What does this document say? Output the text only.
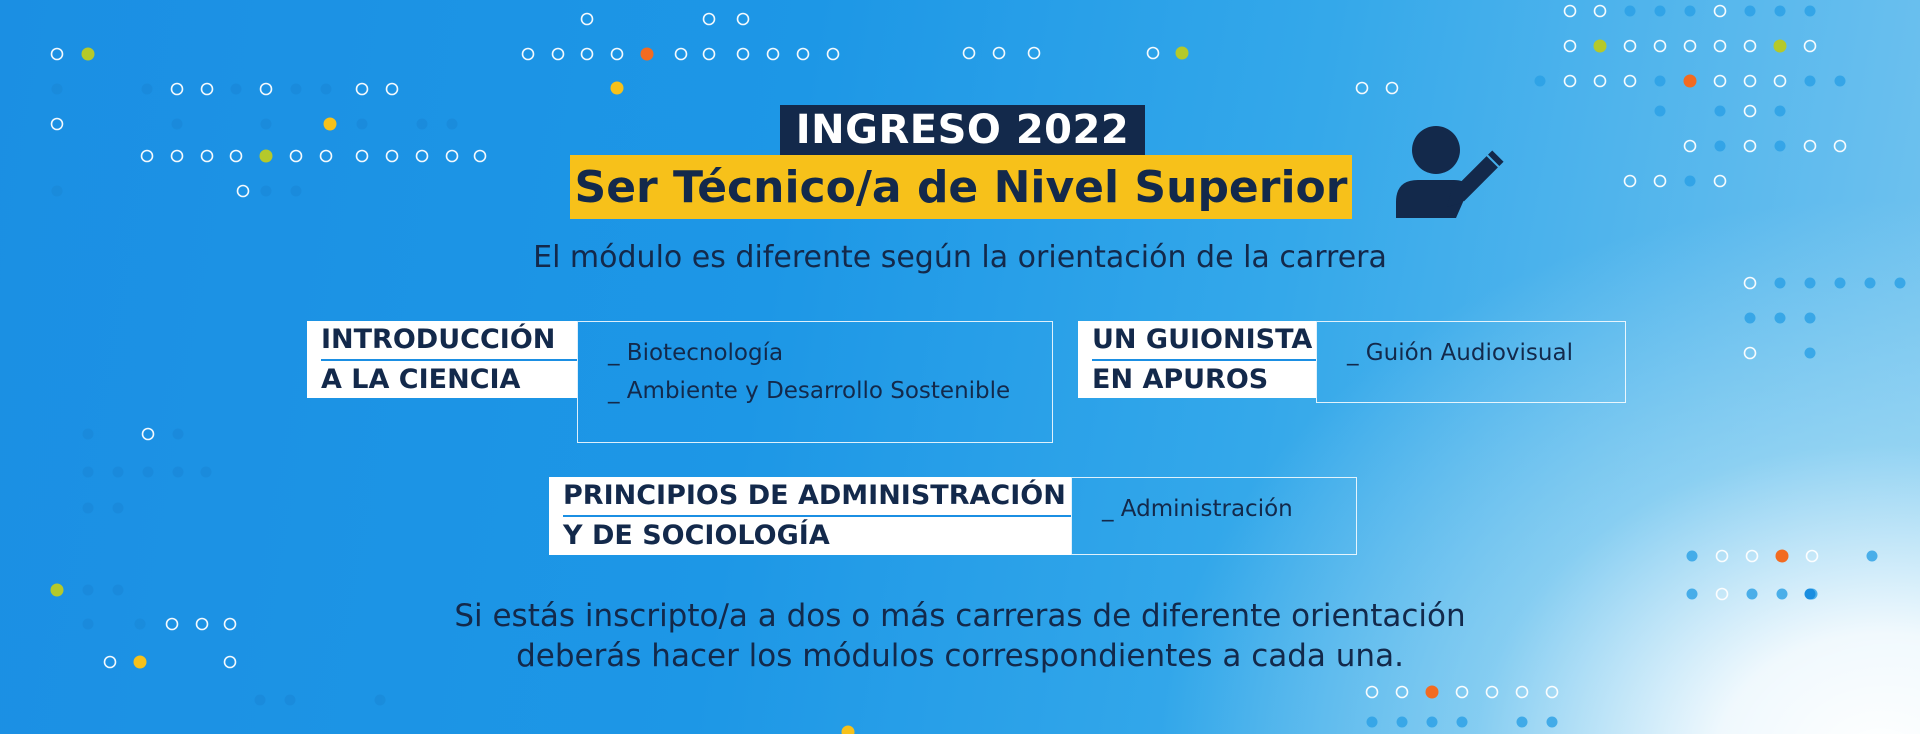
INGRESO 2022
Ser Técnico/a de Nivel Superior
El módulo es diferente según la orientación de la carrera
INTRODUCCIÓN
A LA CIENCIA
_ Biotecnología
_ Ambiente y Desarrollo Sostenible
UN GUIONISTA
EN APUROS
_ Guión Audiovisual
PRINCIPIOS DE ADMINISTRACIÓN
Y DE SOCIOLOGÍA
_ Administración
Si estás inscripto/a a dos o más carreras de diferente orientación
deberás hacer los módulos correspondientes a cada una.
